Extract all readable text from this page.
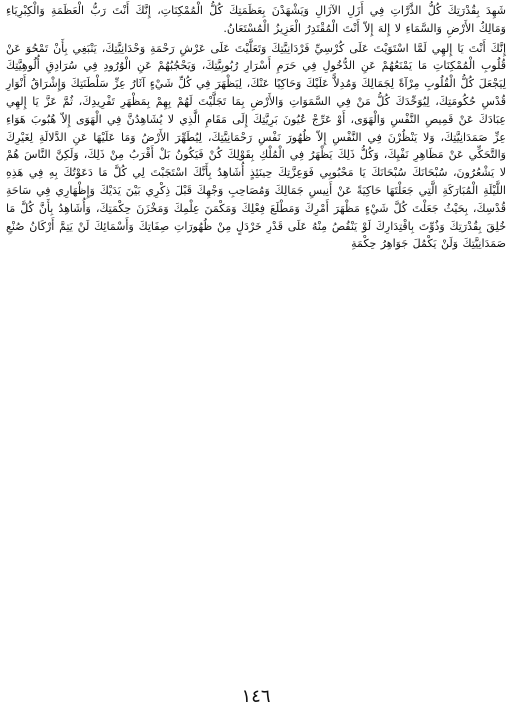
شَهِدَ بِقُدْرَتِكَ كُلُّ الذَّرَّاتِ فِي أَزَلِ الآزَالِ وَيَشْهَدْنَ بِعَظَمَتِكَ كُلُّ الْمُمْكِنَاتِ، إِنَّكَ أَنْتَ رَبُّ الْعَظَمَةِ وَالْكِبْرِيَاءِ وَمَالِكُ الأَرْضِ وَالسَّمَاءِ لا إِلهَ إِلاّ أَنْتَ الْمُقْتَدِرُ الْعَزِيزُ الْمُسْتَعَانُ.

إِنَّكَ أَنْتَ يَا إِلهِي لَمَّا اسْتَوَيْتَ عَلَى كُرْسِيِّ فَرْدَانِيَّتِكَ وَتَعَلَّيْتَ عَلَى عَرْشِ رَحْمَةِ وَحْدَانِيَّتِكَ، يَنْبَغِي بِأَنْ تَمْحُوَ عَنْ قُلُوبِ الْمُمْكِنَاتِ مَا يَمْنَعُهُمْ عَنِ الدُّخُولِ فِي حَرَمِ أَسْرَارِ رُبُوبِيَّتِكَ، وَيَحْجُبُهُمْ عَنِ الْوُرُودِ فِي سُرَادِقِ أُلُوهِيَّتِكَ لِيَجْعَلَ كُلُّ الْقُلُوبِ مِرْآةً لِجَمَالِكَ وَمُدِلاًّ عَلَيْكَ وَحَاكِيًا عَنْكَ، لِيَظْهَرَ فِي كُلِّ شَيْءٍ آثَارُ عِزِّ سَلْطَنَتِكَ وَإِشْرَاقُ أَنْوَارِ قُدْسِ حُكُومَتِكَ، لِيُوَحِّدَكَ كُلُّ مَنْ فِي السَّمَوَاتِ وَالأَرْضِ بِمَا تَجَلَّيْتَ لَهُمْ بِهِمْ بِمَظْهَرِ تَفْرِيدِكَ، ثُمَّ عَزَّ يَا إِلهِي عِبَادَكَ عَنْ قَمِيصِ النَّفْسِ وَالْهَوَى، أَوْ عَرِّجْ عُيُونَ بَرِيَّتِكَ إِلَى مَقَامِ الَّذِي لا يُشَاهِدُنَّ فِي الْهَوَى إِلاّ هُبُوبَ هَوَاءِ عِزِّ صَمَدَانِيَّتِكَ، وَلا يَنْظُرْنَ فِي النَّفْسِ إِلاّ ظُهُورَ نَفْسِ رَحْمَانِيَّتِكَ، لِيُطَهِّرَ الأَرْضُ وَمَا عَلَيْهَا عَنِ الدَّلالَةِ لِغَيْرِكَ وَالتَّحَكِّي عَنْ مَظَاهِرِ نَفْيِكَ، وَكُلُّ ذَلِكَ يَظْهَرُ فِي الْمُلْكِ بِقَوْلِكَ كُنْ فَيَكُونُ بَلْ أَقْرَبُ مِنْ ذَلِكَ، وَلَكِنَّ النَّاسَ هُمْ لا يَشْعُرُونَ، سُبْحَانَكَ سُبْحَانَكَ يَا مَحْبُوبِي فَوَعِزَّتِكَ حِينَئِذٍ أُشَاهِدُ بِأَنَّكَ اسْتَجَبْتَ لِي كُلَّ مَا دَعَوْتُكَ بِهِ فِي هَذِهِ اللَّيْلَةِ الْمُبَارَكَةِ الَّتِي جَعَلْتَهَا حَاكِيَةً عَنْ أَنِيسِ جَمَالِكَ وَمُصَاحِبِ وَجْهِكَ قَبْلَ ذِكْرِي بَيْنَ يَدَيْكَ وَإِظْهَارِي فِي سَاحَةِ قُدْسِكَ، بِحَيْثُ جَعَلْتَ كُلَّ شَيْءٍ مَظْهَرَ أَمْرِكَ وَمَطْلَعَ فِعْلِكَ وَمَكْمَنَ عِلْمِكَ وَمَخْزَنَ حِكْمَتِكَ، وَأُشَاهِدُ بِأَنَّ كُلَّ مَا خُلِقَ بِقُدْرَتِكَ وَذُوِّتَ بِاقْتِدَارِكَ لَوْ يَنْقُصُ مِنْهُ عَلَى قَدْرِ خَرْدَلٍ مِنْ ظُهُورَاتِ صِفَاتِكَ وَأَسْمَائِكَ لَنْ يَتِمَّ أَرْكَانُ صُنْعِ صَمَدَانِيَّتِكَ وَلَنْ يَكْمُلَ جَوَاهِرُ حِكْمَةِ

١٤٦
